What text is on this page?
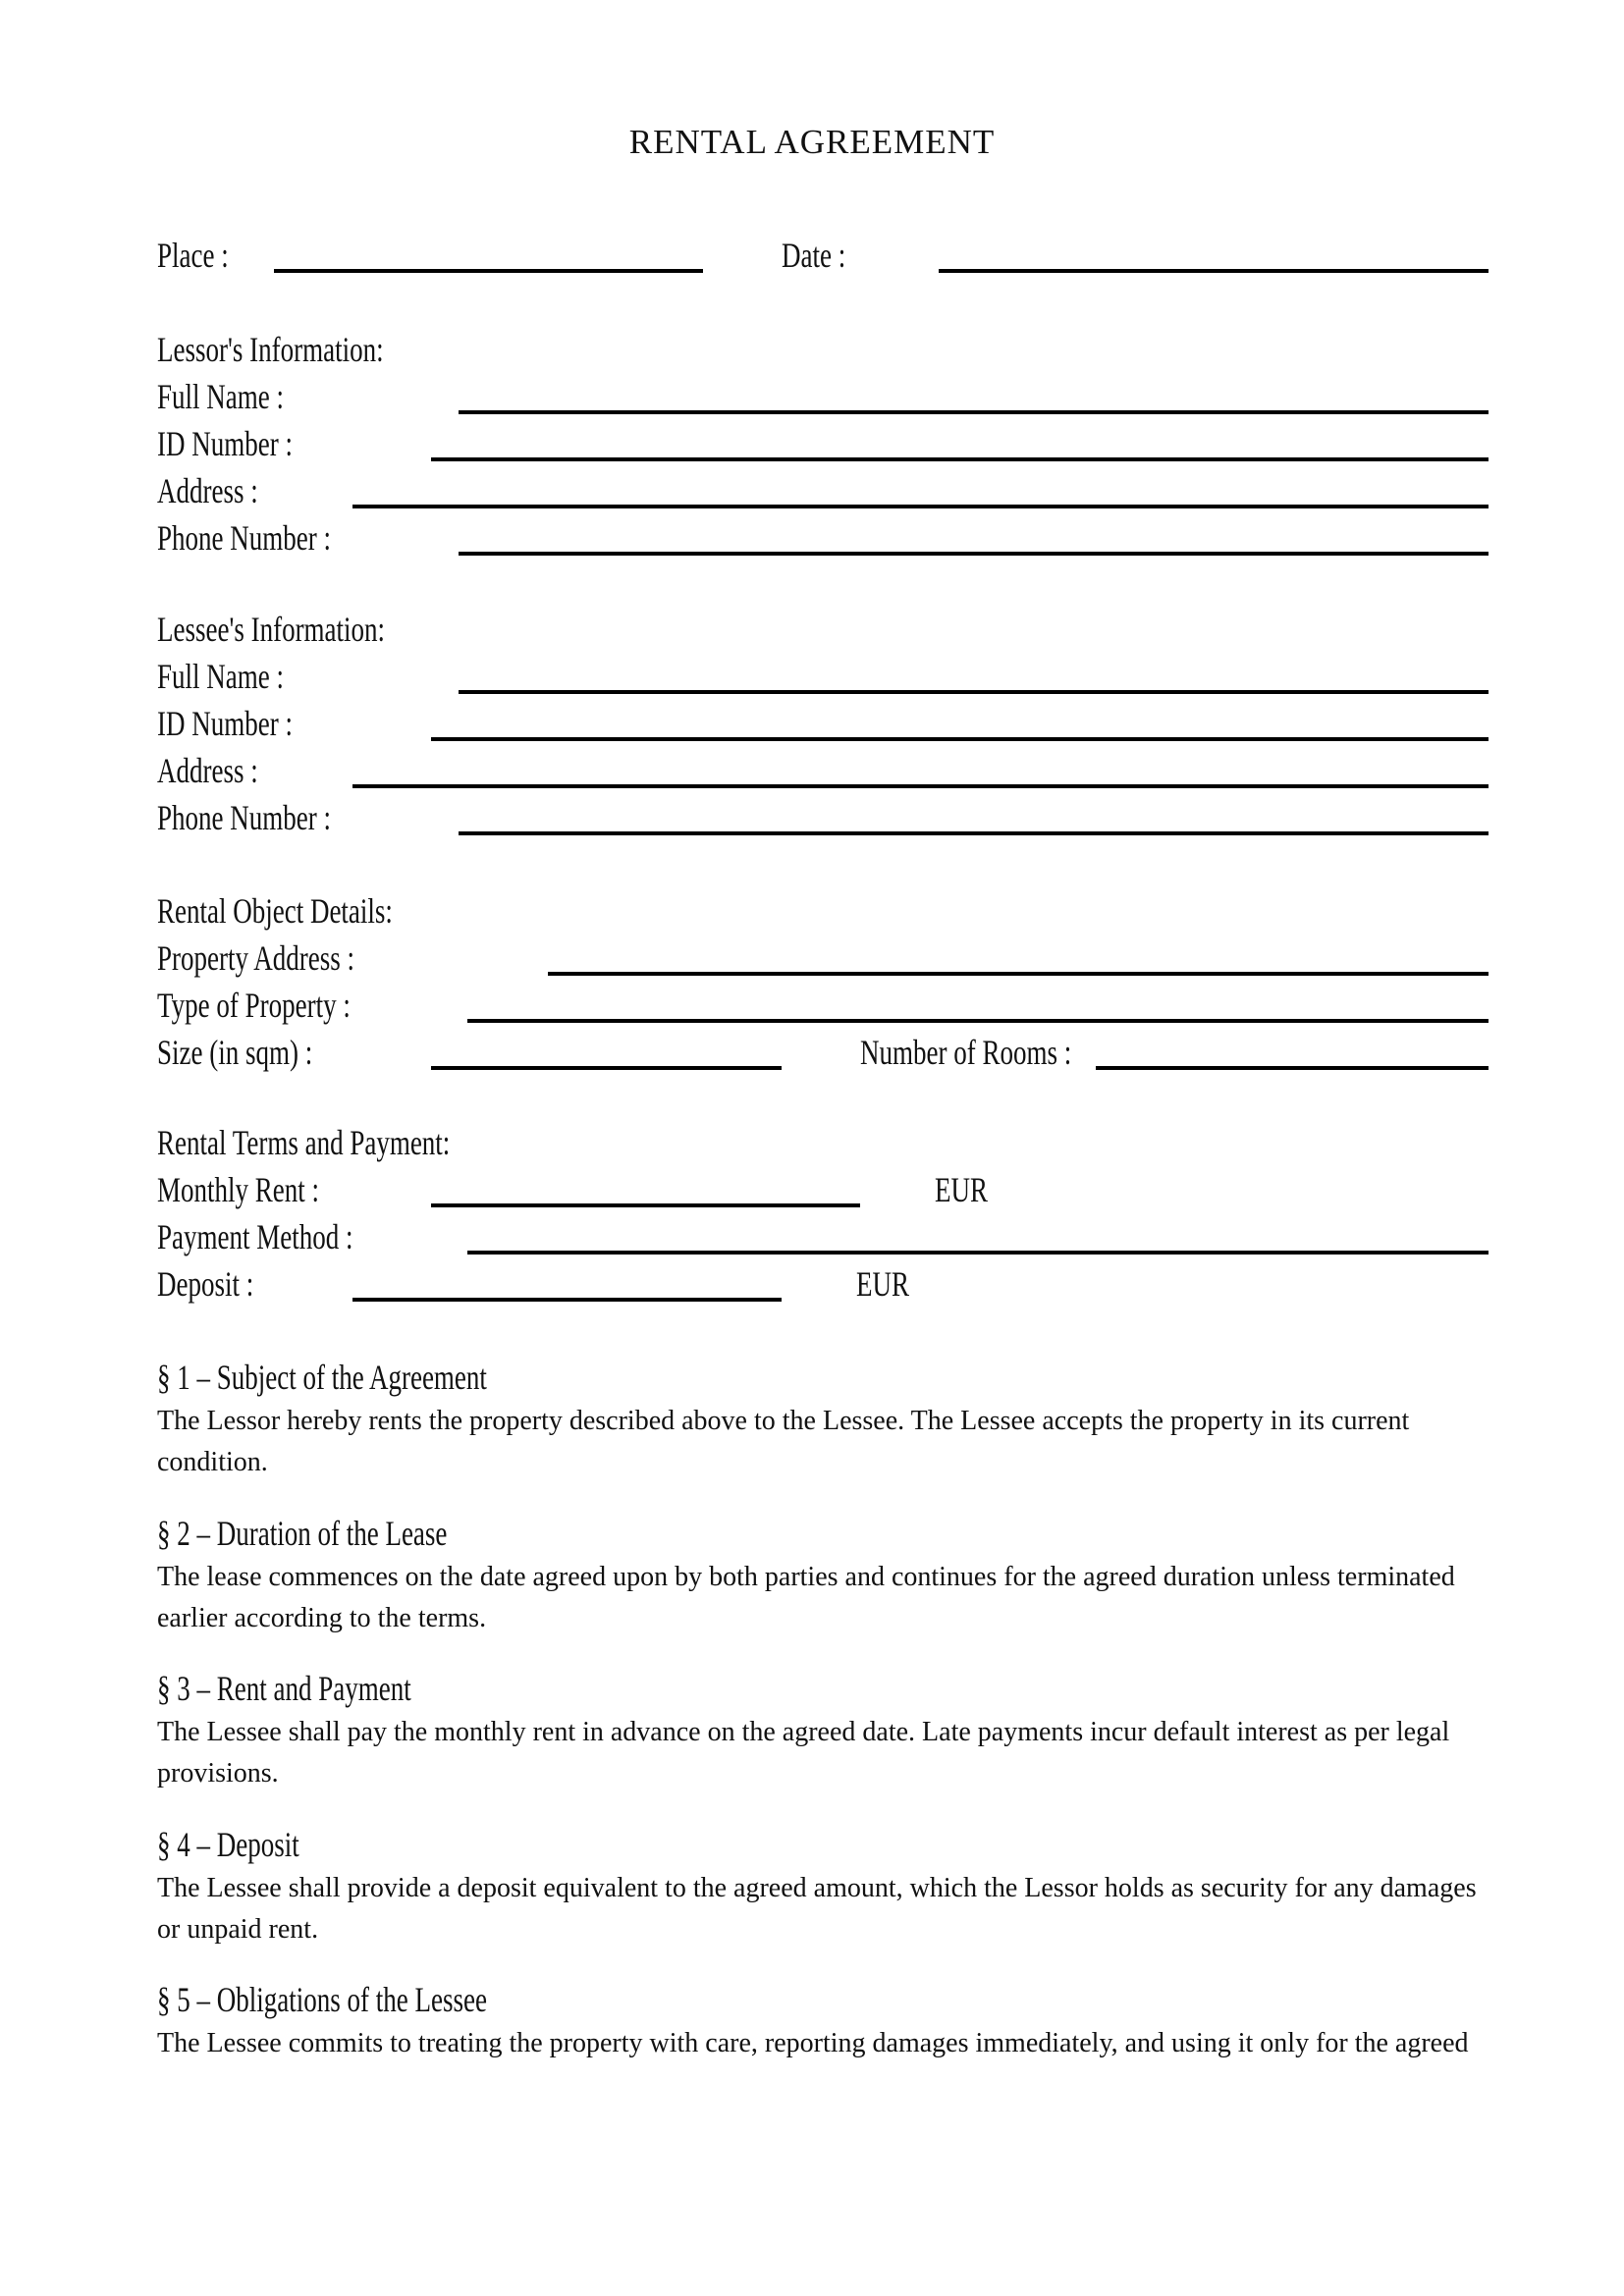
RENTAL AGREEMENT
Place :	Date :
Lessor's Information:
Full Name :
ID Number :
Address :
Phone Number :
Lessee's Information:
Full Name :
ID Number :
Address :
Phone Number :
Rental Object Details:
Property Address :
Type of Property :
Size (in sqm) :	Number of Rooms :
Rental Terms and Payment:
Monthly Rent :	EUR
Payment Method :
Deposit :	EUR
§ 1 – Subject of the Agreement
The Lessor hereby rents the property described above to the Lessee. The Lessee accepts the property in its current condition.
§ 2 – Duration of the Lease
The lease commences on the date agreed upon by both parties and continues for the agreed duration unless terminated earlier according to the terms.
§ 3 – Rent and Payment
The Lessee shall pay the monthly rent in advance on the agreed date. Late payments incur default interest as per legal provisions.
§ 4 – Deposit
The Lessee shall provide a deposit equivalent to the agreed amount, which the Lessor holds as security for any damages or unpaid rent.
§ 5 – Obligations of the Lessee
The Lessee commits to treating the property with care, reporting damages immediately, and using it only for the agreed
